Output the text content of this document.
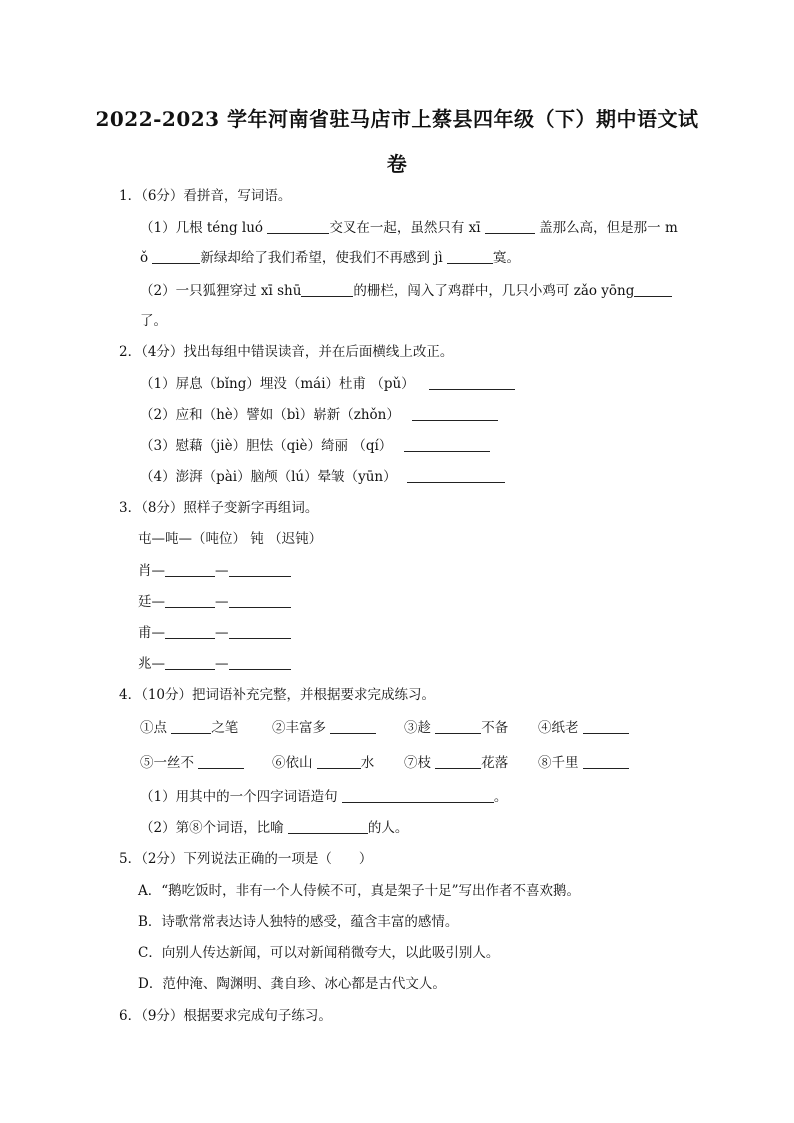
2022-2023 学年河南省驻马店市上蔡县四年级（下）期中语文试
卷
1．（6分）看拼音，写词语。
（1）几根 téng luó	交叉在一起，虽然只有 xī	盖那么高，但是那一 m
ǒ	新绿却给了我们希望，使我们不再感到 jì	寞。
（2）一只狐狸穿过 xī shū	的栅栏，闯入了鸡群中，几只小鸡可 zǎo yōng
了。
2．（4分）找出每组中错误读音，并在后面横线上改正。
（1）屏息（bǐng）埋没（mái）杜甫 （pǔ）
（2）应和（hè）譬如（bì）崭新（zhǒn）
（3）慰藉（jiè）胆怯（qiè）绮丽 （qí）
（4）澎湃（pài）脑颅（lú）晕皱（yūn）
3．（8分）照样子变新字再组词。
屯—吨—（吨位） 钝 （迟钝）
肖—	—
廷—	—
甫—	—
兆—	—
4．（10分）把词语补充完整，并根据要求完成练习。
①点	之笔 ②丰富多	③趁	不备 ④纸老
⑤一丝不	⑥依山	水 ⑦枝	花落 ⑧千里
（1）用其中的一个四字词语造句	。
（2）第⑧个词语，比喻	的人。
5．（2分）下列说法正确的一项是（　　）
A．“鹅吃饭时，非有一个人侍候不可，真是架子十足”写出作者不喜欢鹅。
B．诗歌常常表达诗人独特的感受，蕴含丰富的感情。
C．向别人传达新闻，可以对新闻稍微夸大，以此吸引别人。
D．范仲淹、陶渊明、龚自珍、冰心都是古代文人。
6．（9分）根据要求完成句子练习。
